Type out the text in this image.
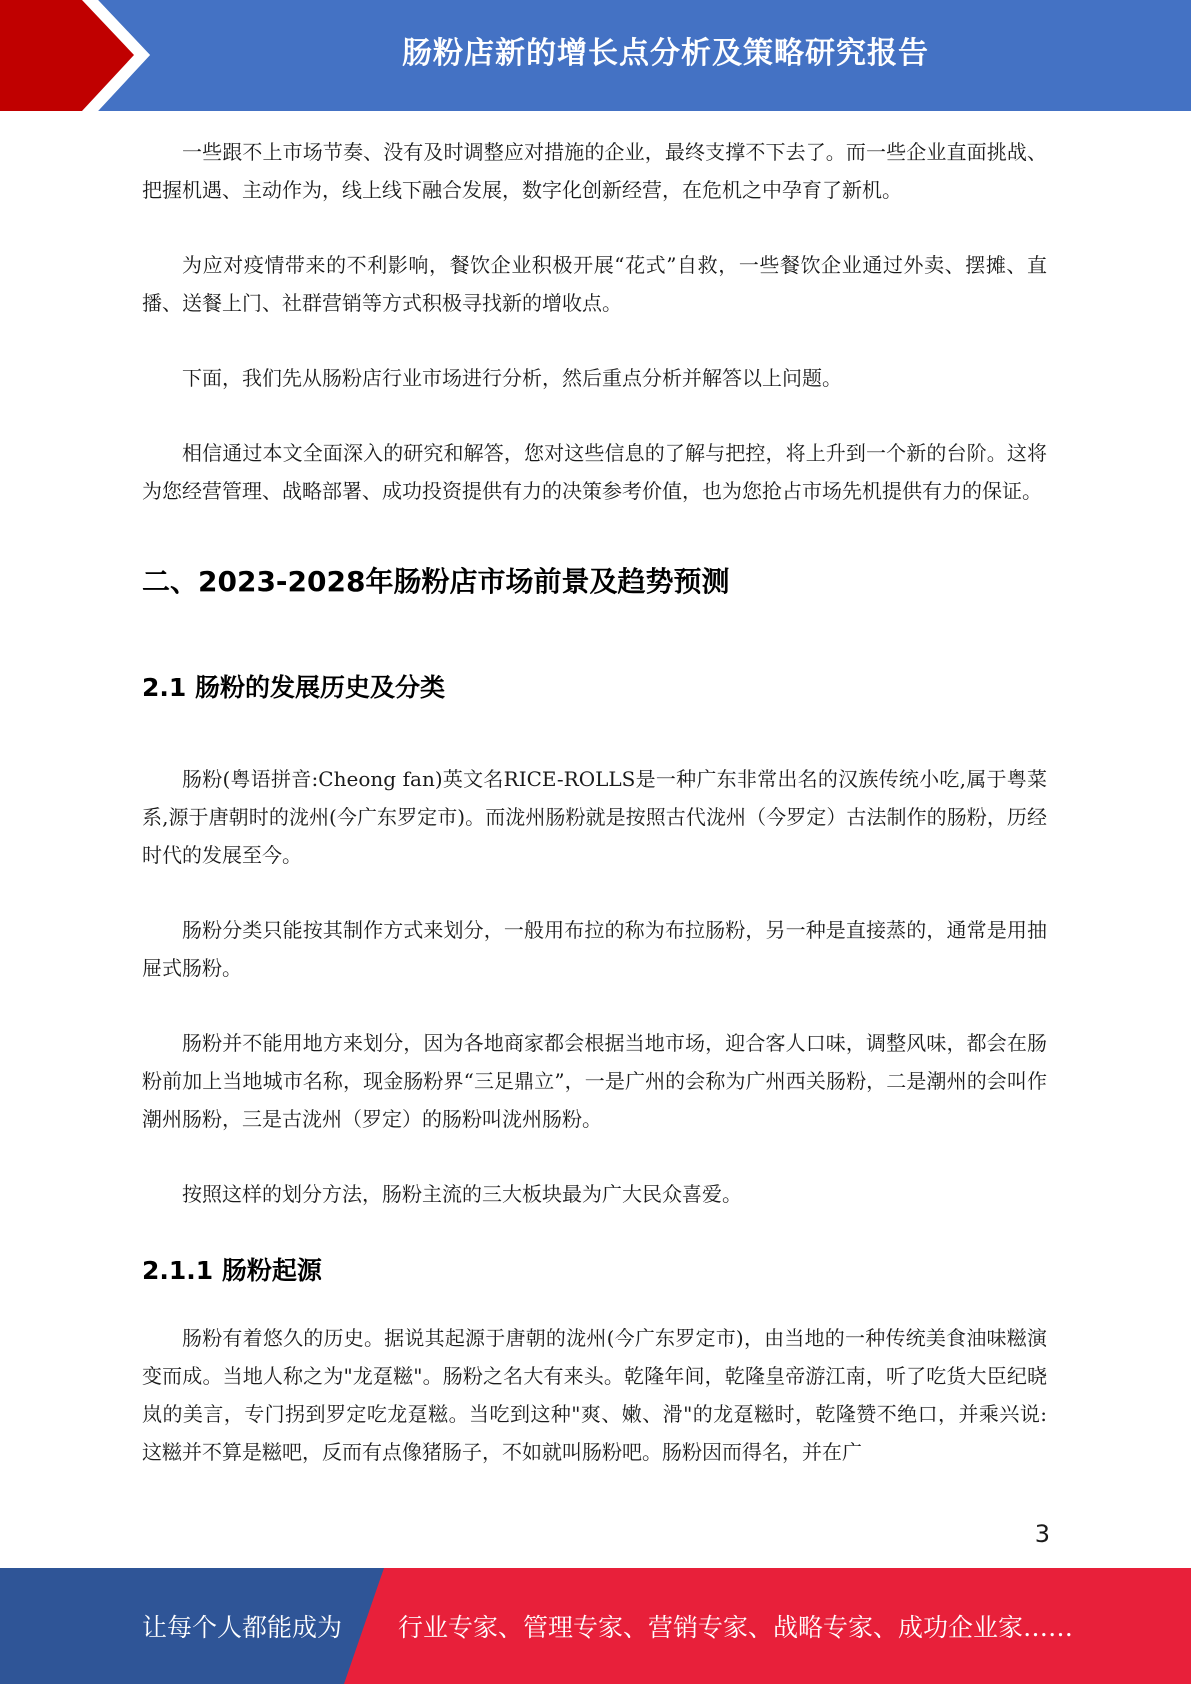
肠粉店新的增长点分析及策略研究报告

一些跟不上市场节奏、没有及时调整应对措施的企业，最终支撑不下去了。而一些企业直面挑战、把握机遇、主动作为，线上线下融合发展，数字化创新经营，在危机之中孕育了新机。

为应对疫情带来的不利影响，餐饮企业积极开展“花式”自救，一些餐饮企业通过外卖、摆摊、直播、送餐上门、社群营销等方式积极寻找新的增收点。

下面，我们先从肠粉店行业市场进行分析，然后重点分析并解答以上问题。

相信通过本文全面深入的研究和解答，您对这些信息的了解与把控，将上升到一个新的台阶。这将为您经营管理、战略部署、成功投资提供有力的决策参考价值，也为您抢占市场先机提供有力的保证。

二、2023-2028年肠粉店市场前景及趋势预测
2.1 肠粉的发展历史及分类

肠粉(粤语拼音:Cheong fan)英文名RICE-ROLLS是一种广东非常出名的汉族传统小吃,属于粤菜系,源于唐朝时的泷州(今广东罗定市)。而泷州肠粉就是按照古代泷州（今罗定）古法制作的肠粉，历经时代的发展至今。

肠粉分类只能按其制作方式来划分，一般用布拉的称为布拉肠粉，另一种是直接蒸的，通常是用抽屉式肠粉。

肠粉并不能用地方来划分，因为各地商家都会根据当地市场，迎合客人口味，调整风味，都会在肠粉前加上当地城市名称，现金肠粉界“三足鼎立”，一是广州的会称为广州西关肠粉，二是潮州的会叫作潮州肠粉，三是古泷州（罗定）的肠粉叫泷州肠粉。

按照这样的划分方法，肠粉主流的三大板块最为广大民众喜爱。

2.1.1 肠粉起源

肠粉有着悠久的历史。据说其起源于唐朝的泷州(今广东罗定市)，由当地的一种传统美食油味糍演变而成。当地人称之为"龙趸糍"。肠粉之名大有来头。乾隆年间，乾隆皇帝游江南，听了吃货大臣纪晓岚的美言，专门拐到罗定吃龙趸糍。当吃到这种"爽、嫩、滑"的龙趸糍时，乾隆赞不绝口，并乘兴说:这糍并不算是糍吧，反而有点像猪肠子，不如就叫肠粉吧。肠粉因而得名，并在广

3
让每个人都能成为 行业专家、管理专家、营销专家、战略专家、成功企业家……
